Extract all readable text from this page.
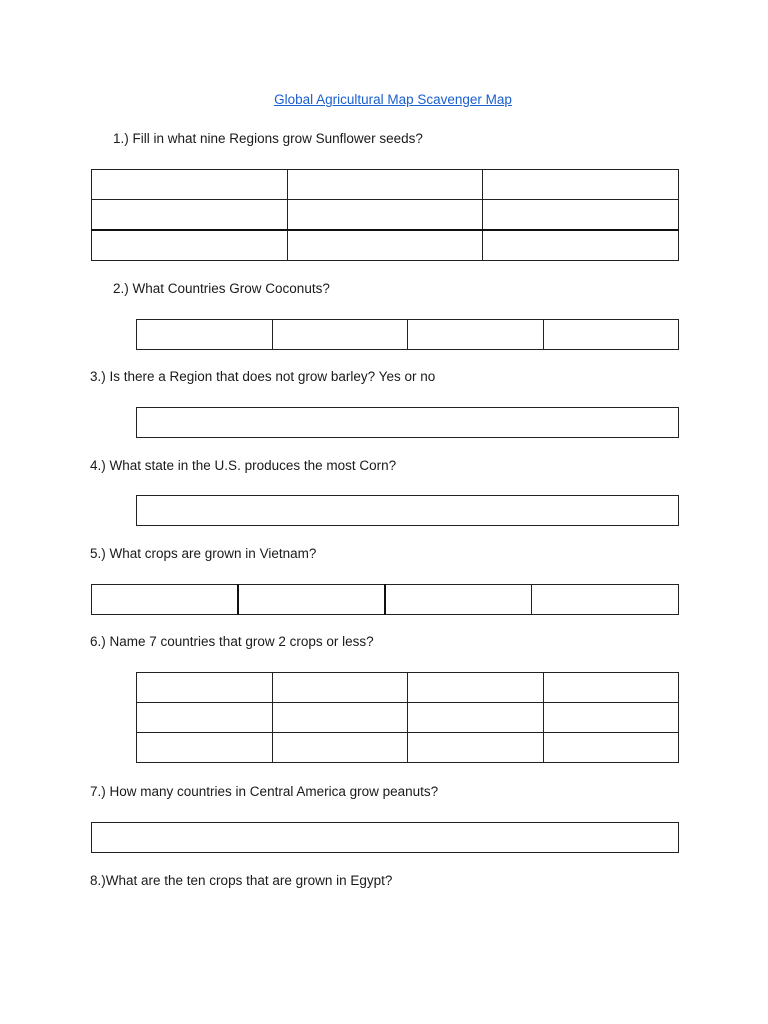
Global Agricultural Map Scavenger Map
1.) Fill in what nine Regions grow Sunflower seeds?

2.) What Countries Grow Coconuts?

3.) Is there a Region that does not grow barley? Yes or no
4.) What state in the U.S. produces the most Corn?
5.) What crops are grown in Vietnam?

6.) Name 7 countries that grow 2 crops or less?

7.) How many countries in Central America grow peanuts?
8.)What are the ten crops that are grown in Egypt?
